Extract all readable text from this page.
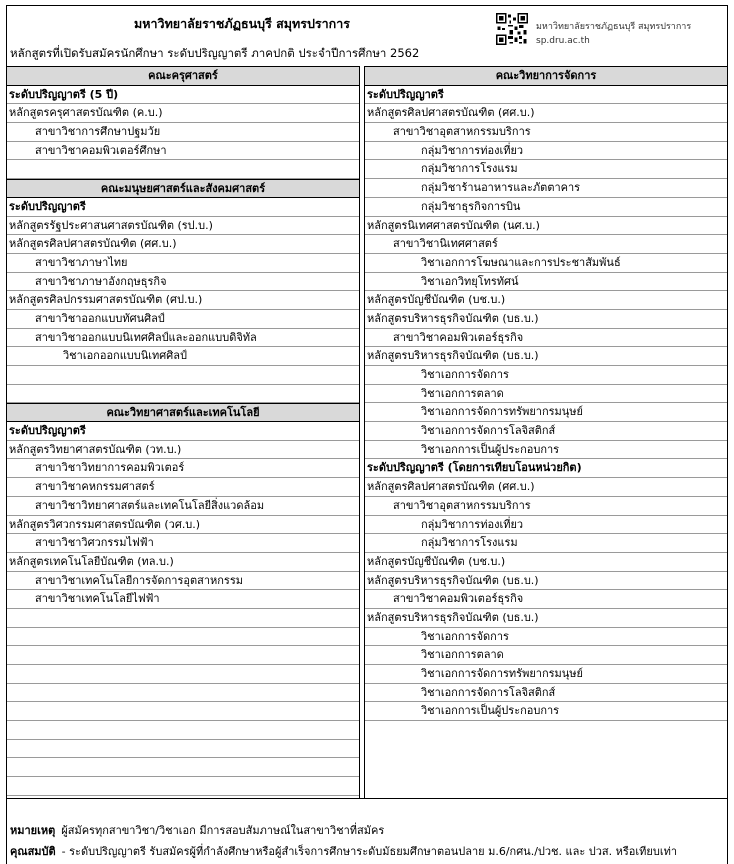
มหาวิทยาลัยราชภัฏธนบุรี สมุทรปราการ
หลักสูตรที่เปิดรับสมัครนักศึกษา ระดับปริญญาตรี ภาคปกติ ประจำปีการศึกษา 2562
มหาวิทยาลัยราชภัฏธนบุรี สมุทรปราการ
sp.dru.ac.th
คณะครุศาสตร์
ระดับปริญญาตรี (5 ปี)
หลักสูตรครุศาสตรบัณฑิต (ค.บ.)
สาขาวิชาการศึกษาปฐมวัย
สาขาวิชาคอมพิวเตอร์ศึกษา
คณะมนุษยศาสตร์และสังคมศาสตร์
ระดับปริญญาตรี
หลักสูตรรัฐประศาสนศาสตรบัณฑิต (รป.บ.)
หลักสูตรศิลปศาสตรบัณฑิต (ศศ.บ.)
สาขาวิชาภาษาไทย
สาขาวิชาภาษาอังกฤษธุรกิจ
หลักสูตรศิลปกรรมศาสตรบัณฑิต (ศป.บ.)
สาขาวิชาออกแบบทัศนศิลป์
สาขาวิชาออกแบบนิเทศศิลป์และออกแบบดิจิทัล
วิชาเอกออกแบบนิเทศศิลป์
คณะวิทยาศาสตร์และเทคโนโลยี
ระดับปริญญาตรี
หลักสูตรวิทยาศาสตรบัณฑิต (วท.บ.)
สาขาวิชาวิทยาการคอมพิวเตอร์
สาขาวิชาคหกรรมศาสตร์
สาขาวิชาวิทยาศาสตร์และเทคโนโลยีสิ่งแวดล้อม
หลักสูตรวิศวกรรมศาสตรบัณฑิต (วศ.บ.)
สาขาวิชาวิศวกรรมไฟฟ้า
หลักสูตรเทคโนโลยีบัณฑิต (ทล.บ.)
สาขาวิชาเทคโนโลยีการจัดการอุตสาหกรรม
สาขาวิชาเทคโนโลยีไฟฟ้า
คณะวิทยาการจัดการ
ระดับปริญญาตรี
หลักสูตรศิลปศาสตรบัณฑิต (ศศ.บ.)
สาขาวิชาอุตสาหกรรมบริการ
กลุ่มวิชาการท่องเที่ยว
กลุ่มวิชาการโรงแรม
กลุ่มวิชาร้านอาหารและภัตตาคาร
กลุ่มวิชาธุรกิจการบิน
หลักสูตรนิเทศศาสตรบัณฑิต (นศ.บ.)
สาขาวิชานิเทศศาสตร์
วิชาเอกการโฆษณาและการประชาสัมพันธ์
วิชาเอกวิทยุโทรทัศน์
หลักสูตรบัญชีบัณฑิต (บช.บ.)
หลักสูตรบริหารธุรกิจบัณฑิต (บธ.บ.)
สาขาวิชาคอมพิวเตอร์ธุรกิจ
หลักสูตรบริหารธุรกิจบัณฑิต (บธ.บ.)
วิชาเอกการจัดการ
วิชาเอกการตลาด
วิชาเอกการจัดการทรัพยากรมนุษย์
วิชาเอกการจัดการโลจิสติกส์
วิชาเอกการเป็นผู้ประกอบการ
ระดับปริญญาตรี (โดยการเทียบโอนหน่วยกิต)
หลักสูตรศิลปศาสตรบัณฑิต (ศศ.บ.)
สาขาวิชาอุตสาหกรรมบริการ
กลุ่มวิชาการท่องเที่ยว
กลุ่มวิชาการโรงแรม
หลักสูตรบัญชีบัณฑิต (บช.บ.)
หลักสูตรบริหารธุรกิจบัณฑิต (บธ.บ.)
สาขาวิชาคอมพิวเตอร์ธุรกิจ
หลักสูตรบริหารธุรกิจบัณฑิต (บธ.บ.)
วิชาเอกการจัดการ
วิชาเอกการตลาด
วิชาเอกการจัดการทรัพยากรมนุษย์
วิชาเอกการจัดการโลจิสติกส์
วิชาเอกการเป็นผู้ประกอบการ
หมายเหตุ ผู้สมัครทุกสาขาวิชา/วิชาเอก มีการสอบสัมภาษณ์ในสาขาวิชาที่สมัคร
คุณสมบัติ - ระดับปริญญาตรี รับสมัครผู้ที่กำลังศึกษาหรือผู้สำเร็จการศึกษาระดับมัธยมศึกษาตอนปลาย ม.6/กศน./ปวช. และ ปวส. หรือเทียบเท่า
